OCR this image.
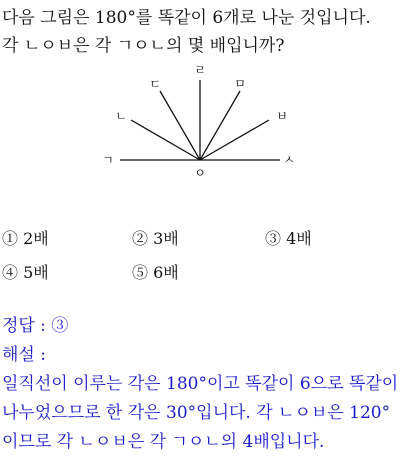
다음 그림은 180°를 똑같이 6개로 나눈 것입니다.
각 ㄴㅇㅂ은 각 ㄱㅇㄴ의 몇 배입니까?
ㄱ
ㄴ
ㄷ
ㄹ
ㅁ
ㅂ
ㅅ
ㅇ
① 2배	② 3배	③ 4배
④ 5배	⑤ 6배
정답 : ③
해설 :
일직선이 이루는 각은 180°이고 똑같이 6으로 똑같이
나누었으므로 한 각은 30°입니다. 각 ㄴㅇㅂ은 120°
이므로 각 ㄴㅇㅂ은 각 ㄱㅇㄴ의 4배입니다.
